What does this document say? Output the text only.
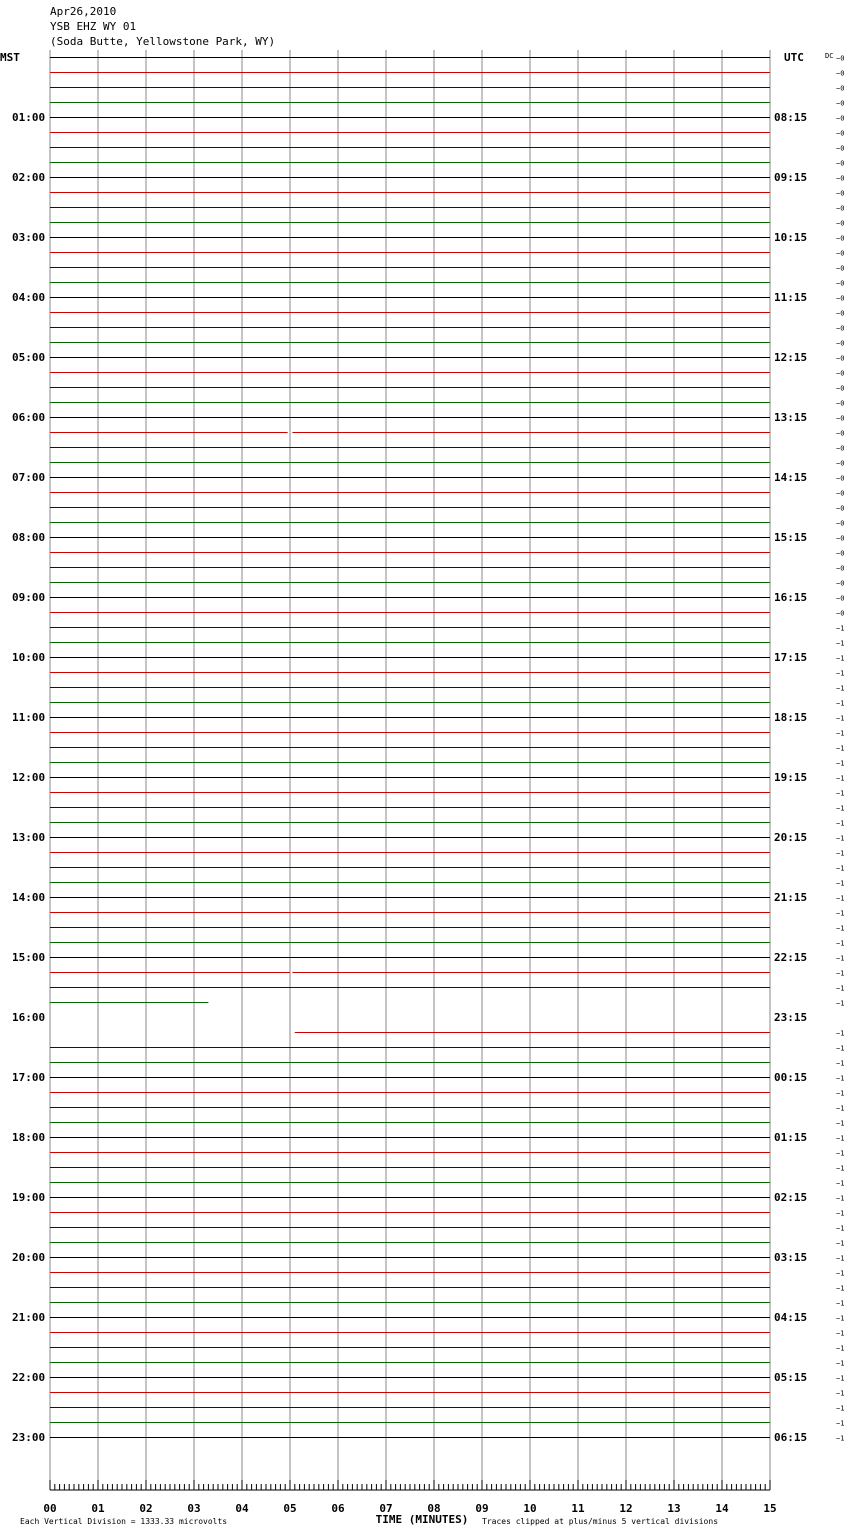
Apr26,2010
YSB EHZ WY 01
(Soda Butte, Yellowstone Park, WY)
−0
−0
−0
−0
−0
−0
−0
−0
−0
−0
−0
−0
−0
−0
−0
−0
−0
−0
−0
−0
−0
−0
−0
−0
−0
−0
−0
−0
−0
−0
−0
−0
−0
−0
−0
−0
−0
−0
−1
−1
−1
−1
−1
−1
−1
−1
−1
−1
−1
−1
−1
−1
−1
−1
−1
−1
−1
−1
−1
−1
−1
−1
−1
−1
−1
−1
−1
−1
−1
−1
−1
−1
−1
−1
−1
−1
−1
−1
−1
−1
−1
−1
−1
−1
−1
−1
−1
−1
−1
−1
−1
−1
MST	UTC	DC
01:00
02:00
03:00
04:00
05:00
06:00
07:00
08:00
09:00
10:00
11:00
12:00
13:00
14:00
15:00
16:00
17:00
18:00
19:00
20:00
21:00
22:00
23:00
08:15
09:15
10:15
11:15
12:15
13:15
14:15
15:15
16:15
17:15
18:15
19:15
20:15
21:15
22:15
23:15
00:15
01:15
02:15
03:15
04:15
05:15
06:15
00	01	02	03	04	05	06	07	08	09	10	11	12	13	14	15
TIME (MINUTES)
Each Vertical Division = 1333.33 microvolts	Traces clipped at plus/minus 5 vertical divisions
